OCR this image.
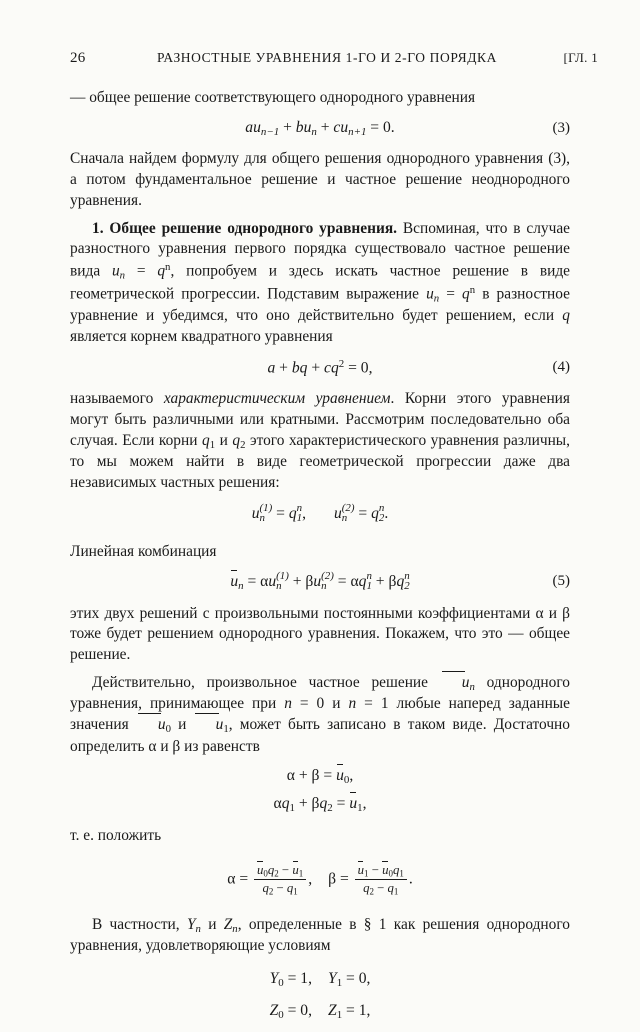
26	РАЗНОСТНЫЕ УРАВНЕНИЯ 1-ГО И 2-ГО ПОРЯДКА	[ГЛ. 1

— общее решение соответствующего однородного уравнения

$au_{n-1} + bu_n + cu_{n+1} = 0$.	(3)

Сначала найдем формулу для общего решения однородного уравнения (3), а потом фундаментальное решение и частное решение неоднородного уравнения.

1. Общее решение однородного уравнения. Вспоминая, что в случае разностного уравнения первого порядка существовало частное решение вида $u_n = q^n$, попробуем и здесь искать частное решение в виде геометрической прогрессии. Подставим выражение $u_n = q^n$ в разностное уравнение и убедимся, что оно действительно будет решением, если q является корнем квадратного уравнения

a + bq + $cq^2 = 0$,	(4)

называемого характеристическим уравнением. Корни этого уравнения могут быть различными или кратными. Рассмотрим последовательно оба случая. Если корни q1 и q2 этого характеристического уравнения различны, то мы можем найти в виде геометрической прогрессии даже два независимых частных решения:

u (1)
n = q n
1 , u (2)
n = q n
2 .

Линейная комбинация

$u_n = \alpha u$ (1)
n + βu (2)
n = αq n
1 + βq n
2	(5)

этих двух решений с произвольными постоянными коэффициентами α и β тоже будет решением однородного уравнения. Покажем, что это — общее решение.

Действительно, произвольное частное решение $u_n$ однородного уравнения, принимающее при n = 0 и n = 1 любые наперед заданные значения u0 и u1, может быть записано в таком виде. Достаточно определить α и β из равенств

α + β = u0,
αq1 + βq2 = u1,

т. е. положить

$\alpha = \frac{u0q2 - u1}{q2 - q1}$ , $\beta = \frac{u1 - u0q1}{q2 - q1}$ .

В частности, $Y_n$ и $Z_n$, определенные в § 1 как решения однородного уравнения, удовлетворяющие условиям

Y0 = 1, Y1 = 0,
Z0 = 0, Z1 = 1,
